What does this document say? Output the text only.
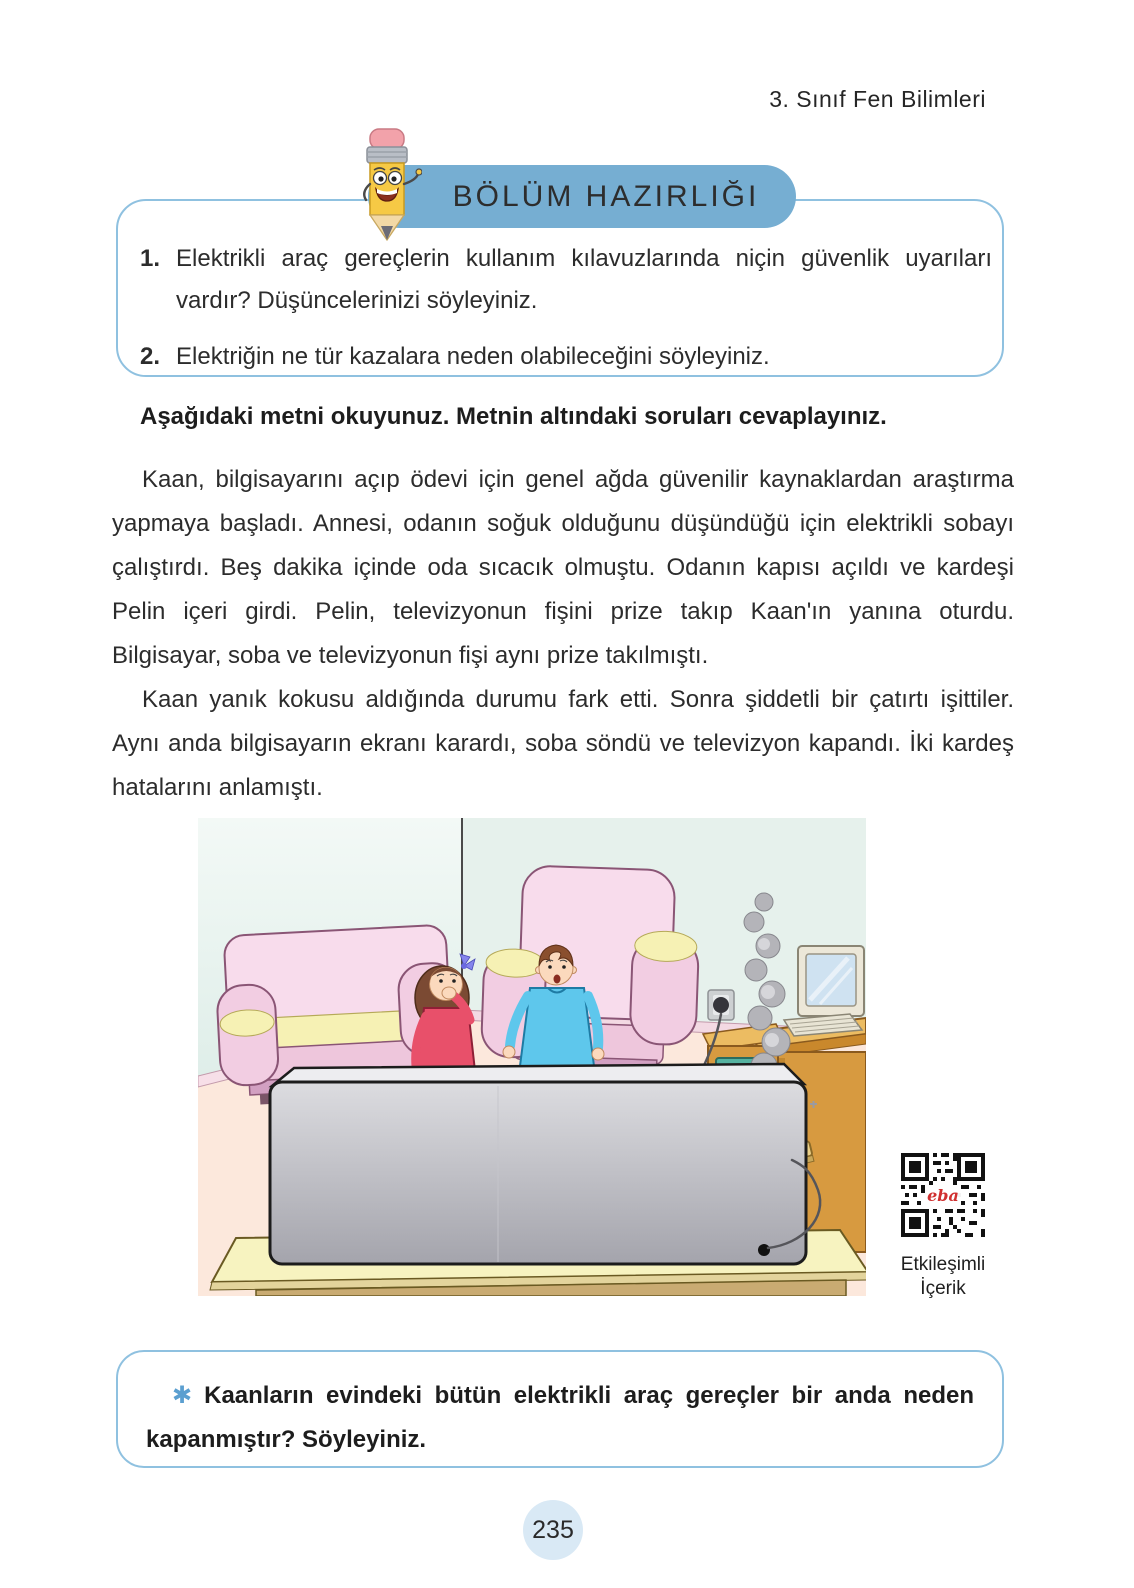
3. Sınıf Fen Bilimleri
BÖLÜM HAZIRLIĞI
1. Elektrikli araç gereçlerin kullanım kılavuzlarında niçin güvenlik uyarıları vardır? Düşüncelerinizi söyleyiniz.
2. Elektriğin ne tür kazalara neden olabileceğini söyleyiniz.
Aşağıdaki metni okuyunuz. Metnin altındaki soruları cevaplayınız.

Kaan, bilgisayarını açıp ödevi için genel ağda güvenilir kaynaklardan araştırma yapmaya başladı. Annesi, odanın soğuk olduğunu düşündüğü için elektrikli sobayı çalıştırdı. Beş dakika içinde oda sıcacık olmuştu. Odanın kapısı açıldı ve kardeşi Pelin içeri girdi. Pelin, televizyonun fişini prize takıp Kaan'ın yanına oturdu. Bilgisayar, soba ve televizyonun fişi aynı prize takılmıştı.

Kaan yanık kokusu aldığında durumu fark etti. Sonra şiddetli bir çatırtı işittiler. Aynı anda bilgisayarın ekranı karardı, soba söndü ve televizyon kapandı. İki kardeş hatalarını anlamıştı.

eba
Etkileşimli
İçerik

✱ Kaanların evindeki bütün elektrikli araç gereçler bir anda neden kapanmıştır? Söyleyiniz.

235
